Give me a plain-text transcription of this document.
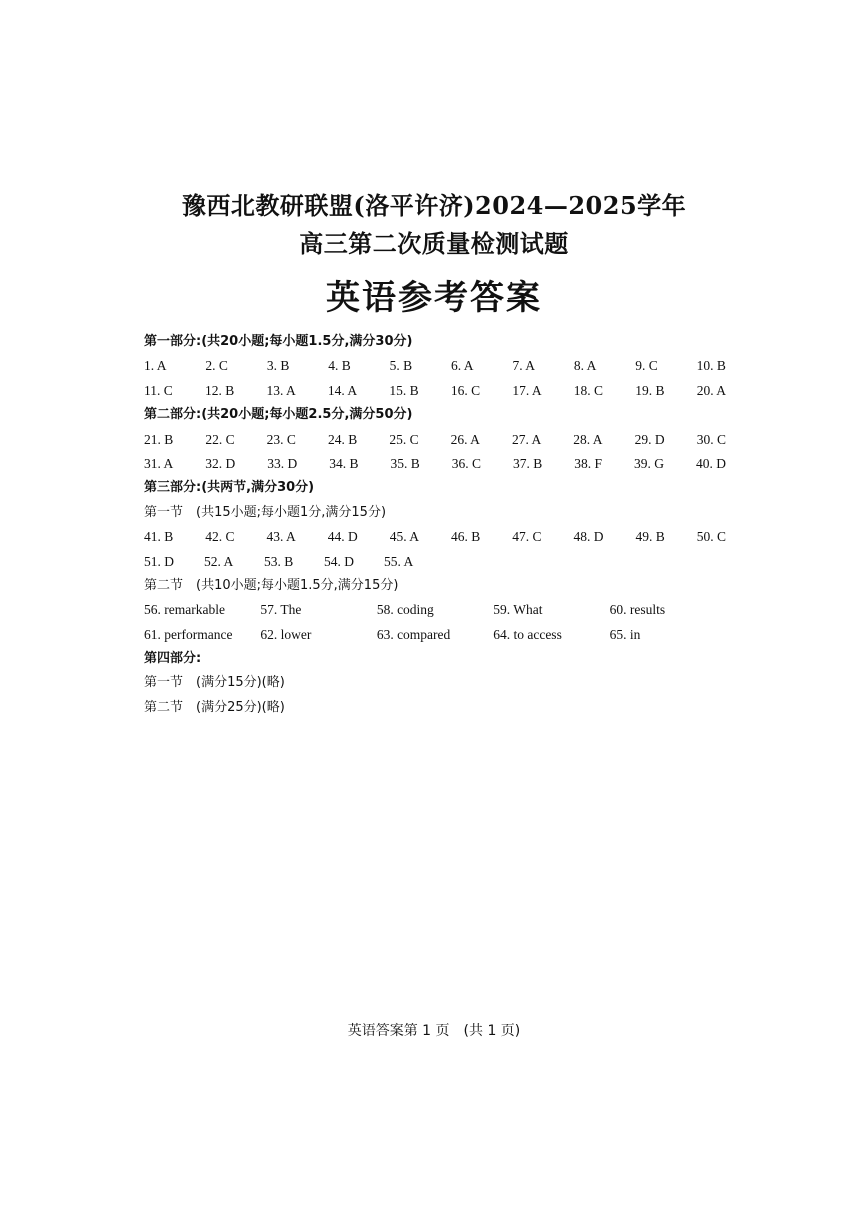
豫西北教研联盟(洛平许济)2024—2025学年
高三第二次质量检测试题
英语参考答案
第一部分:(共20小题;每小题1.5分,满分30分)
1. A	2. C	3. B	4. B	5. B	6. A	7. A	8. A	9. C	10. B
11. C 12. B 13. A 14. A 15. B 16. C 17. A 18. C 19. B 20. A
第二部分:(共20小题;每小题2.5分,满分50分)
21. B 22. C 23. C 24. B 25. C 26. A 27. A 28. A 29. D 30. C
31. A 32. D 33. D 34. B 35. B 36. C 37. B 38. F 39. G 40. D
第三部分:(共两节,满分30分)
第一节　(共15小题;每小题1分,满分15分)
41. B 42. C 43. A 44. D 45. A 46. B 47. C 48. D 49. B 50. C
51. D	52. A	53. B	54. D	55. A
第二节　(共10小题;每小题1.5分,满分15分)
56. remarkable	57. The	58. coding	59. What	60. results
61. performance	62. lower	63. compared	64. to access	65. in
第四部分:
第一节　(满分15分)(略)
第二节　(满分25分)(略)
英语答案第 1 页　(共 1 页)
